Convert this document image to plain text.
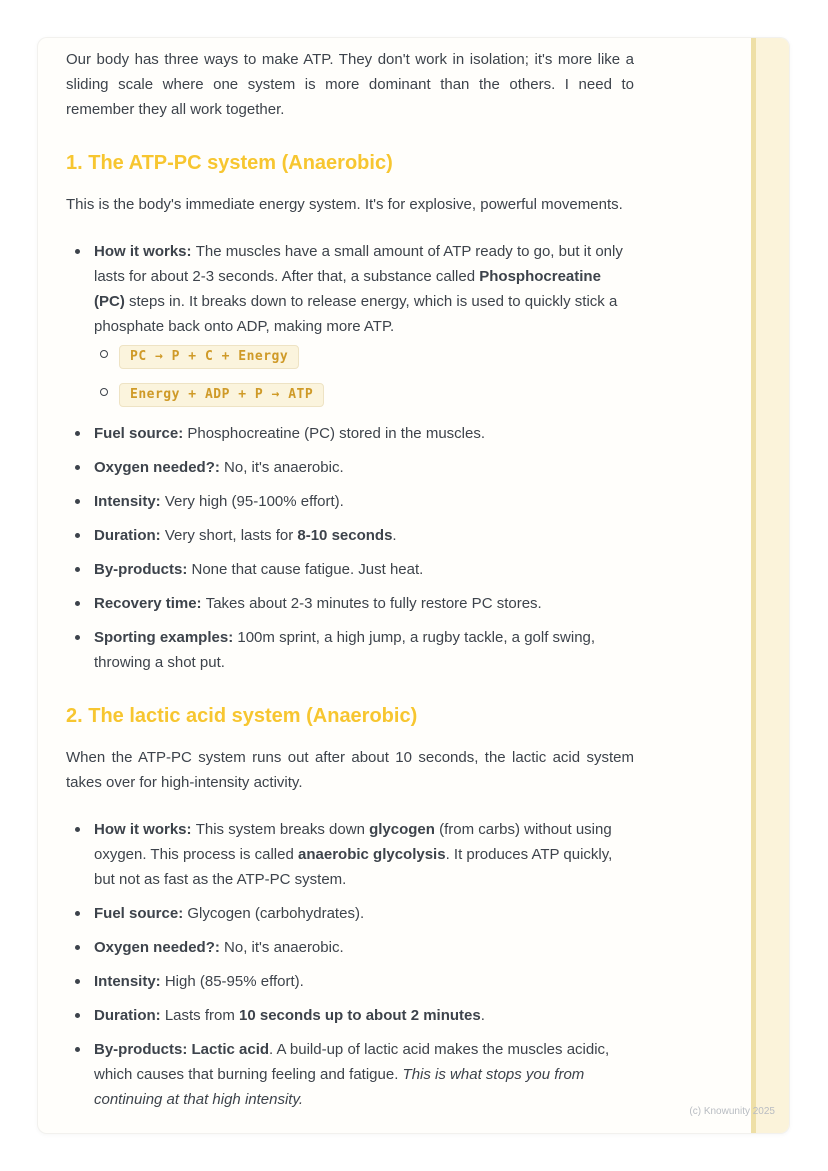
Our body has three ways to make ATP. They don't work in isolation; it's more like a sliding scale where one system is more dominant than the others. I need to remember they all work together.

1. The ATP-PC system (Anaerobic)

This is the body's immediate energy system. It's for explosive, powerful movements.

How it works: The muscles have a small amount of ATP ready to go, but it only lasts for about 2-3 seconds. After that, a substance called Phosphocreatine (PC) steps in. It breaks down to release energy, which is used to quickly stick a phosphate back onto ADP, making more ATP.
PC → P + C + Energy
Energy + ADP + P → ATP
Fuel source: Phosphocreatine (PC) stored in the muscles.
Oxygen needed?: No, it's anaerobic.
Intensity: Very high (95-100% effort).
Duration: Very short, lasts for 8-10 seconds.
By-products: None that cause fatigue. Just heat.
Recovery time: Takes about 2-3 minutes to fully restore PC stores.
Sporting examples: 100m sprint, a high jump, a rugby tackle, a golf swing, throwing a shot put.
2. The lactic acid system (Anaerobic)

When the ATP-PC system runs out after about 10 seconds, the lactic acid system takes over for high-intensity activity.

How it works: This system breaks down glycogen (from carbs) without using oxygen. This process is called anaerobic glycolysis. It produces ATP quickly, but not as fast as the ATP-PC system.
Fuel source: Glycogen (carbohydrates).
Oxygen needed?: No, it's anaerobic.
Intensity: High (85-95% effort).
Duration: Lasts from 10 seconds up to about 2 minutes.
By-products: Lactic acid. A build-up of lactic acid makes the muscles acidic, which causes that burning feeling and fatigue. This is what stops you from continuing at that high intensity.
(c) Knowunity 2025
